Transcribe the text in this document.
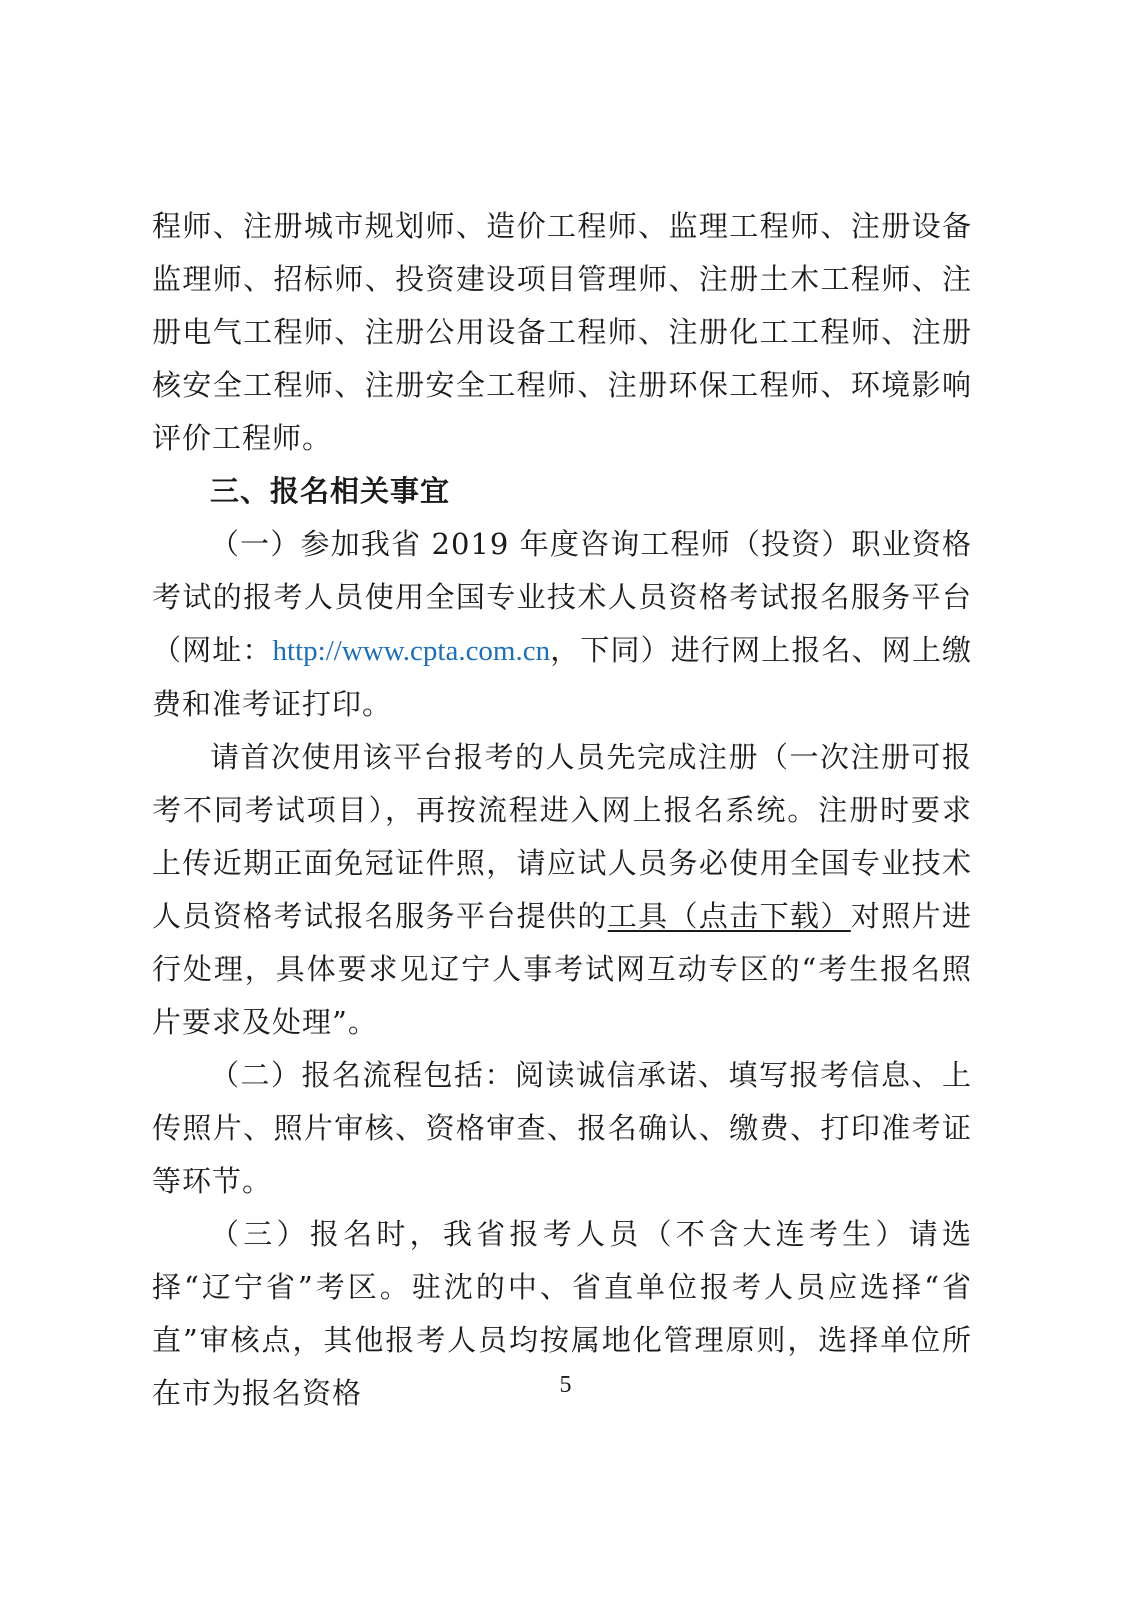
程师、注册城市规划师、造价工程师、监理工程师、注册设备监理师、招标师、投资建设项目管理师、注册土木工程师、注册电气工程师、注册公用设备工程师、注册化工工程师、注册核安全工程师、注册安全工程师、注册环保工程师、环境影响评价工程师。

三、报名相关事宜

（一）参加我省 2019 年度咨询工程师（投资）职业资格考试的报考人员使用全国专业技术人员资格考试报名服务平台（网址：http://www.cpta.com.cn，下同）进行网上报名、网上缴费和准考证打印。

请首次使用该平台报考的人员先完成注册（一次注册可报考不同考试项目），再按流程进入网上报名系统。注册时要求上传近期正面免冠证件照，请应试人员务必使用全国专业技术人员资格考试报名服务平台提供的工具（点击下载）对照片进行处理，具体要求见辽宁人事考试网互动专区的“考生报名照片要求及处理”。

（二）报名流程包括：阅读诚信承诺、填写报考信息、上传照片、照片审核、资格审查、报名确认、缴费、打印准考证等环节。

（三）报名时，我省报考人员（不含大连考生）请选择“辽宁省”考区。驻沈的中、省直单位报考人员应选择“省直”审核点，其他报考人员均按属地化管理原则，选择单位所在市为报名资格	5
